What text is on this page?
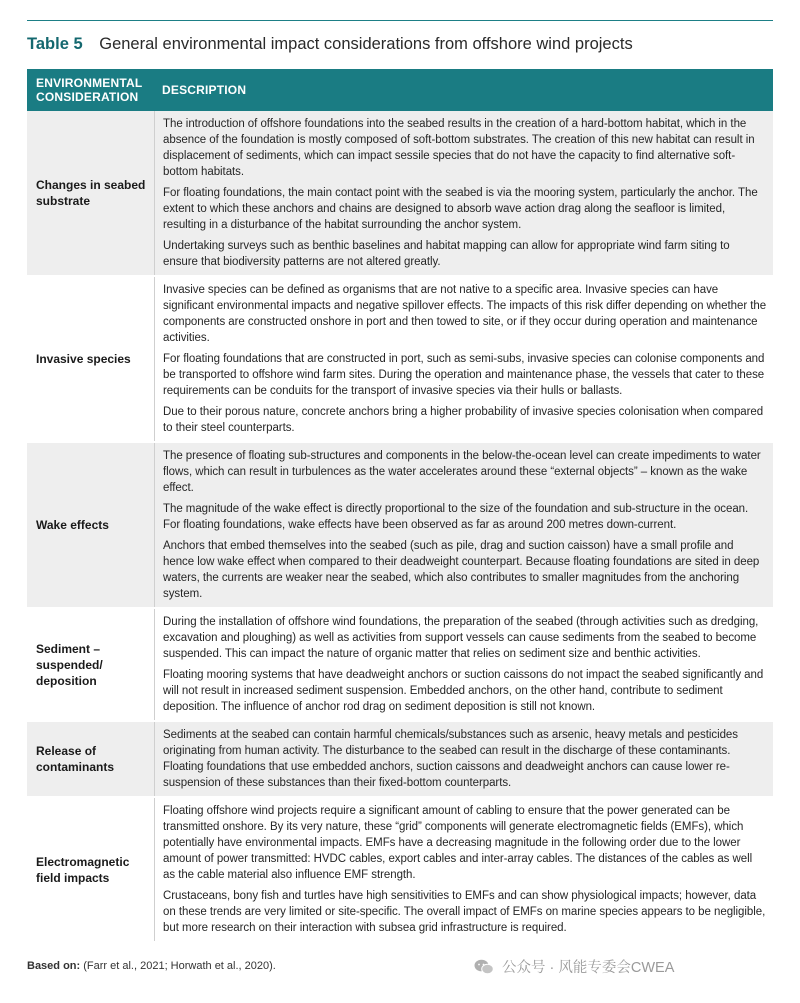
Table 5 General environmental impact considerations from offshore wind projects
ENVIRONMENTAL CONSIDERATION	DESCRIPTION
Changes in seabed substrate

The introduction of offshore foundations into the seabed results in the creation of a hard-bottom habitat, which in the absence of the foundation is mostly composed of soft-bottom substrates. The creation of this new habitat can result in displacement of sediments, which can impact sessile species that do not have the capacity to find alternative soft-bottom habitats.

For floating foundations, the main contact point with the seabed is via the mooring system, particularly the anchor. The extent to which these anchors and chains are designed to absorb wave action drag along the seafloor is limited, resulting in a disturbance of the habitat surrounding the anchor system.

Undertaking surveys such as benthic baselines and habitat mapping can allow for appropriate wind farm siting to ensure that biodiversity patterns are not altered greatly.

Invasive species

Invasive species can be defined as organisms that are not native to a specific area. Invasive species can have significant environmental impacts and negative spillover effects. The impacts of this risk differ depending on whether the components are constructed onshore in port and then towed to site, or if they occur during operation and maintenance activities.

For floating foundations that are constructed in port, such as semi-subs, invasive species can colonise components and be transported to offshore wind farm sites. During the operation and maintenance phase, the vessels that cater to these requirements can be conduits for the transport of invasive species via their hulls or ballasts.

Due to their porous nature, concrete anchors bring a higher probability of invasive species colonisation when compared to their steel counterparts.

Wake effects

The presence of floating sub-structures and components in the below-the-ocean level can create impediments to water flows, which can result in turbulences as the water accelerates around these “external objects” – known as the wake effect.

The magnitude of the wake effect is directly proportional to the size of the foundation and sub-structure in the ocean. For floating foundations, wake effects have been observed as far as around 200 metres down-current.

Anchors that embed themselves into the seabed (such as pile, drag and suction caisson) have a small profile and hence low wake effect when compared to their deadweight counterpart. Because floating foundations are sited in deep waters, the currents are weaker near the seabed, which also contributes to smaller magnitudes from the anchoring system.

Sediment – suspended/ deposition

During the installation of offshore wind foundations, the preparation of the seabed (through activities such as dredging, excavation and ploughing) as well as activities from support vessels can cause sediments from the seabed to become suspended. This can impact the nature of organic matter that relies on sediment size and benthic activities.

Floating mooring systems that have deadweight anchors or suction caissons do not impact the seabed significantly and will not result in increased sediment suspension. Embedded anchors, on the other hand, contribute to sediment deposition. The influence of anchor rod drag on sediment deposition is still not known.

Release of contaminants

Sediments at the seabed can contain harmful chemicals/substances such as arsenic, heavy metals and pesticides originating from human activity. The disturbance to the seabed can result in the discharge of these contaminants. Floating foundations that use embedded anchors, suction caissons and deadweight anchors can cause lower re-suspension of these substances than their fixed-bottom counterparts.

Electromagnetic field impacts

Floating offshore wind projects require a significant amount of cabling to ensure that the power generated can be transmitted onshore. By its very nature, these “grid” components will generate electromagnetic fields (EMFs), which potentially have environmental impacts. EMFs have a decreasing magnitude in the following order due to the lower amount of power transmitted: HVDC cables, export cables and inter-array cables. The distances of the cables as well as the cable material also influence EMF strength.

Crustaceans, bony fish and turtles have high sensitivities to EMFs and can show physiological impacts; however, data on these trends are very limited or site-specific. The overall impact of EMFs on marine species appears to be negligible, but more research on their interaction with subsea grid infrastructure is required.

Based on: (Farr et al., 2021; Horwath et al., 2020).	公众号 · 风能专委会CWEA
